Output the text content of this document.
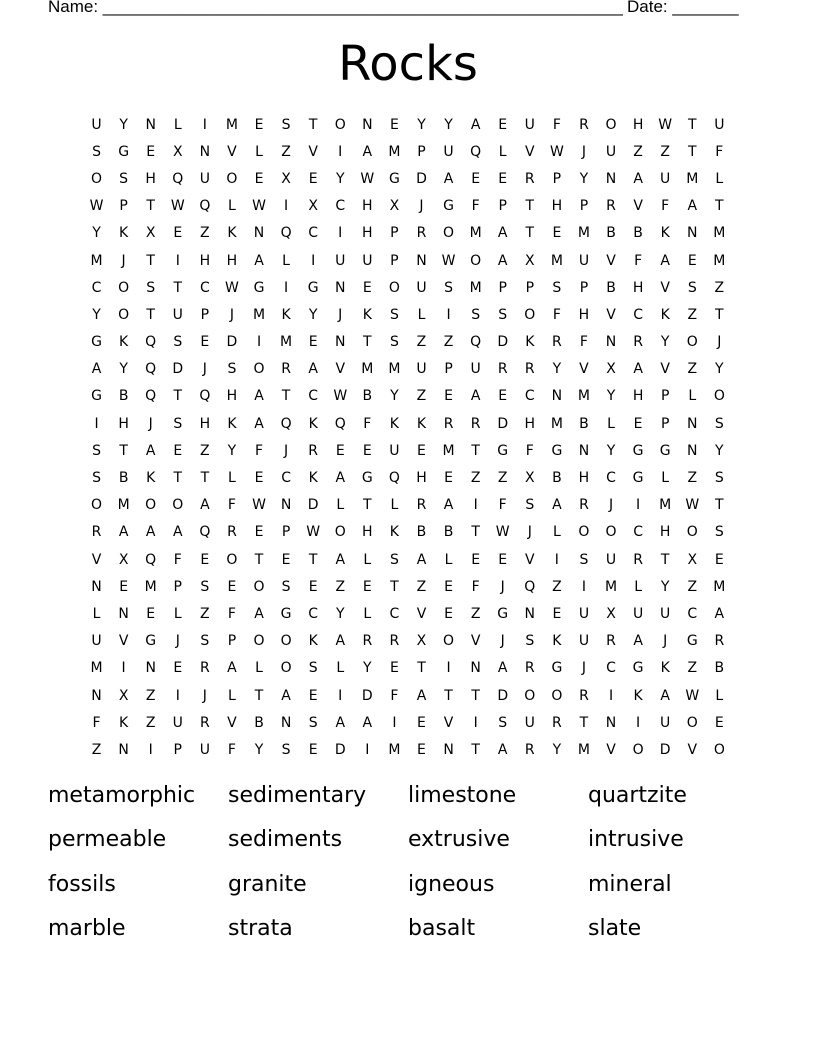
Name: _______________________________________________________ Date: _______
Rocks
U	Y	N	L	I	M	E	S	T	O	N	E	Y	Y	A	E	U	F	R	O	H	W	T	U
S	G	E	X	N	V	L	Z	V	I	A	M	P	U	Q	L	V	W	J	U	Z	Z	T	F
O	S	H	Q	U	O	E	X	E	Y	W	G	D	A	E	E	R	P	Y	N	A	U	M	L
W	P	T	W	Q	L	W	I	X	C	H	X	J	G	F	P	T	H	P	R	V	F	A	T
Y	K	X	E	Z	K	N	Q	C	I	H	P	R	O	M	A	T	E	M	B	B	K	N	M
M	J	T	I	H	H	A	L	I	U	U	P	N	W	O	A	X	M	U	V	F	A	E	M
C	O	S	T	C	W	G	I	G	N	E	O	U	S	M	P	P	S	P	B	H	V	S	Z
Y	O	T	U	P	J	M	K	Y	J	K	S	L	I	S	S	O	F	H	V	C	K	Z	T
G	K	Q	S	E	D	I	M	E	N	T	S	Z	Z	Q	D	K	R	F	N	R	Y	O	J
A	Y	Q	D	J	S	O	R	A	V	M	M	U	P	U	R	R	Y	V	X	A	V	Z	Y
G	B	Q	T	Q	H	A	T	C	W	B	Y	Z	E	A	E	C	N	M	Y	H	P	L	O
I	H	J	S	H	K	A	Q	K	Q	F	K	K	R	R	D	H	M	B	L	E	P	N	S
S	T	A	E	Z	Y	F	J	R	E	E	U	E	M	T	G	F	G	N	Y	G	G	N	Y
S	B	K	T	T	L	E	C	K	A	G	Q	H	E	Z	Z	X	B	H	C	G	L	Z	S
O	M	O	O	A	F	W	N	D	L	T	L	R	A	I	F	S	A	R	J	I	M	W	T
R	A	A	A	Q	R	E	P	W	O	H	K	B	B	T	W	J	L	O	O	C	H	O	S
V	X	Q	F	E	O	T	E	T	A	L	S	A	L	E	E	V	I	S	U	R	T	X	E
N	E	M	P	S	E	O	S	E	Z	E	T	Z	E	F	J	Q	Z	I	M	L	Y	Z	M
L	N	E	L	Z	F	A	G	C	Y	L	C	V	E	Z	G	N	E	U	X	U	U	C	A
U	V	G	J	S	P	O	O	K	A	R	R	X	O	V	J	S	K	U	R	A	J	G	R
M	I	N	E	R	A	L	O	S	L	Y	E	T	I	N	A	R	G	J	C	G	K	Z	B
N	X	Z	I	J	L	T	A	E	I	D	F	A	T	T	D	O	O	R	I	K	A	W	L
F	K	Z	U	R	V	B	N	S	A	A	I	E	V	I	S	U	R	T	N	I	U	O	E
Z	N	I	P	U	F	Y	S	E	D	I	M	E	N	T	A	R	Y	M	V	O	D	V	O
metamorphic	sedimentary	limestone	quartzite
permeable	sediments	extrusive	intrusive
fossils	granite	igneous	mineral
marble	strata	basalt	slate
